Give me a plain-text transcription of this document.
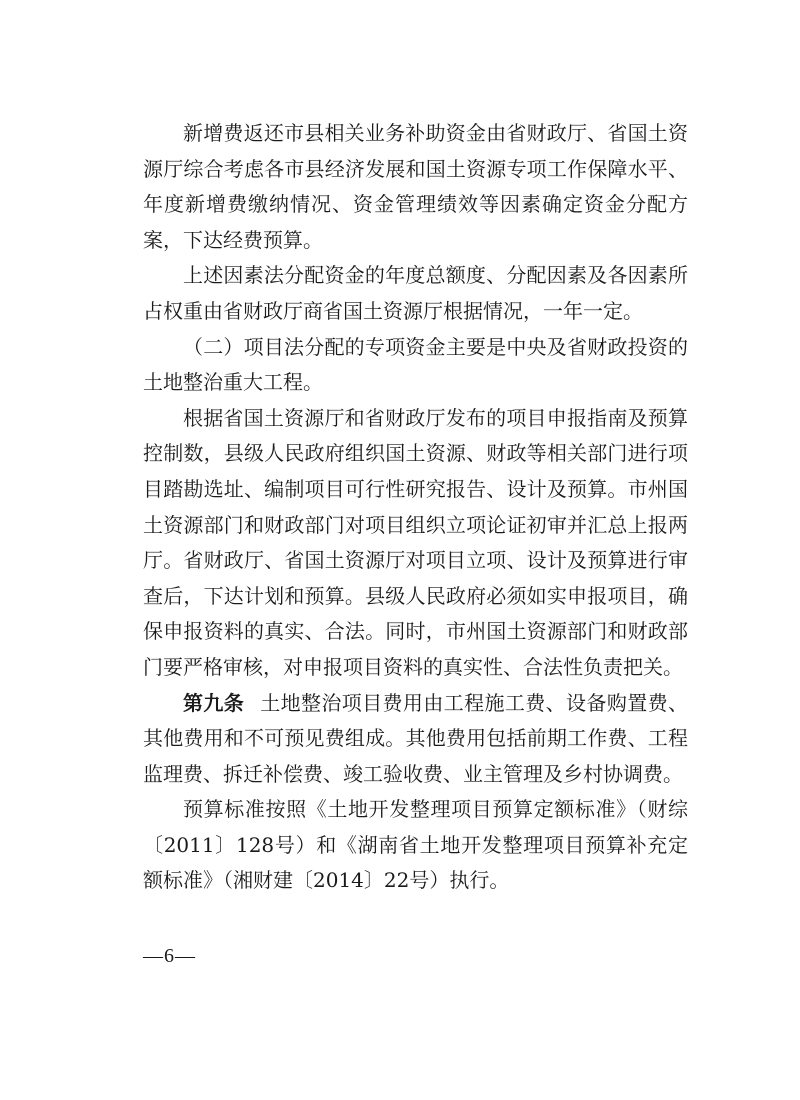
新增费返还市县相关业务补助资金由省财政厅、省国土资源厅综合考虑各市县经济发展和国土资源专项工作保障水平、年度新增费缴纳情况、资金管理绩效等因素确定资金分配方案，下达经费预算。

上述因素法分配资金的年度总额度、分配因素及各因素所占权重由省财政厅商省国土资源厅根据情况，一年一定。

（二）项目法分配的专项资金主要是中央及省财政投资的土地整治重大工程。

根据省国土资源厅和省财政厅发布的项目申报指南及预算控制数，县级人民政府组织国土资源、财政等相关部门进行项目踏勘选址、编制项目可行性研究报告、设计及预算。市州国土资源部门和财政部门对项目组织立项论证初审并汇总上报两厅。省财政厅、省国土资源厅对项目立项、设计及预算进行审查后，下达计划和预算。县级人民政府必须如实申报项目，确保申报资料的真实、合法。同时，市州国土资源部门和财政部门要严格审核，对申报项目资料的真实性、合法性负责把关。

第九条 土地整治项目费用由工程施工费、设备购置费、其他费用和不可预见费组成。其他费用包括前期工作费、工程监理费、拆迁补偿费、竣工验收费、业主管理及乡村协调费。

预算标准按照《土地开发整理项目预算定额标准》（财综〔2011〕128号）和《湖南省土地开发整理项目预算补充定额标准》（湘财建〔2014〕22号）执行。

—6—
